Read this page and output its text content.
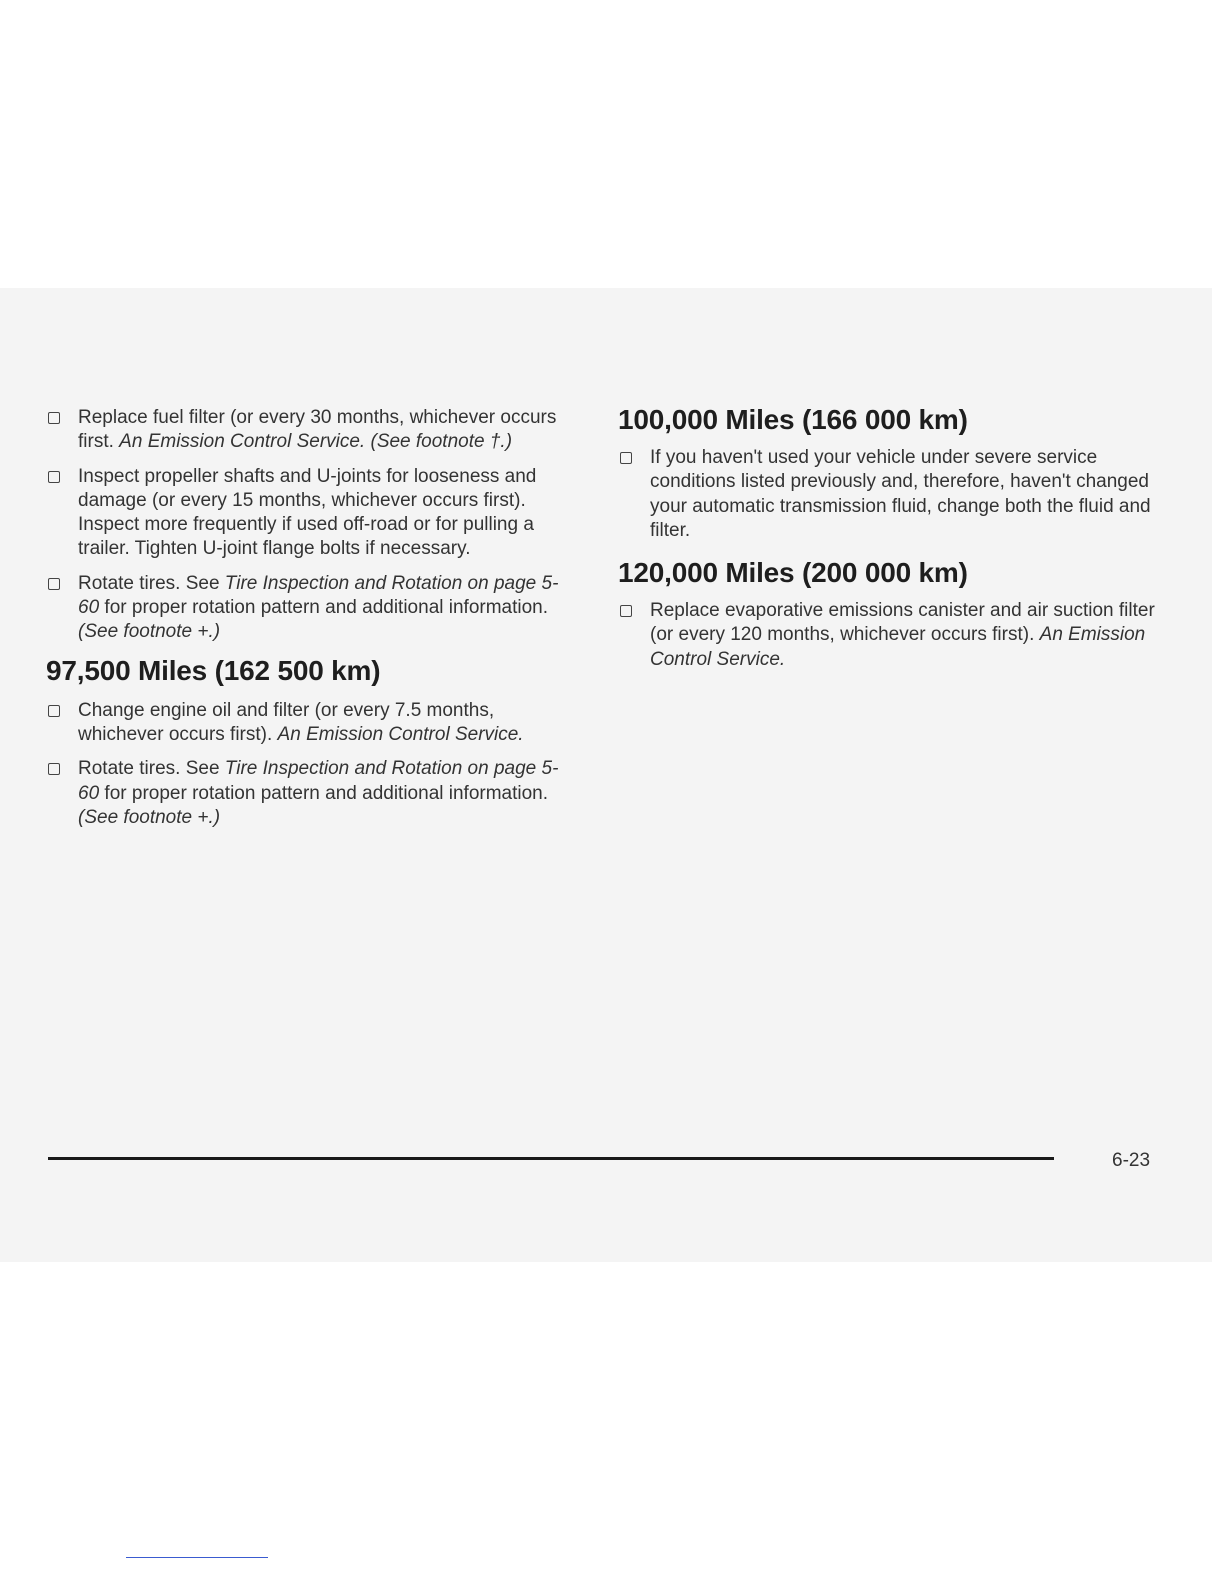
Replace fuel filter (or every 30 months, whichever occurs first. An Emission Control Service. (See footnote †.)
Inspect propeller shafts and U-joints for looseness and damage (or every 15 months, whichever occurs first). Inspect more frequently if used off-road or for pulling a trailer. Tighten U-joint flange bolts if necessary.
Rotate tires. See Tire Inspection and Rotation on page 5-60 for proper rotation pattern and additional information. (See footnote +.)
97,500 Miles (162 500 km)
Change engine oil and filter (or every 7.5 months, whichever occurs first). An Emission Control Service.
Rotate tires. See Tire Inspection and Rotation on page 5-60 for proper rotation pattern and additional information. (See footnote +.)
100,000 Miles (166 000 km)
If you haven't used your vehicle under severe service conditions listed previously and, therefore, haven't changed your automatic transmission fluid, change both the fluid and filter.
120,000 Miles (200 000 km)
Replace evaporative emissions canister and air suction filter (or every 120 months, whichever occurs first). An Emission Control Service.
6-23
